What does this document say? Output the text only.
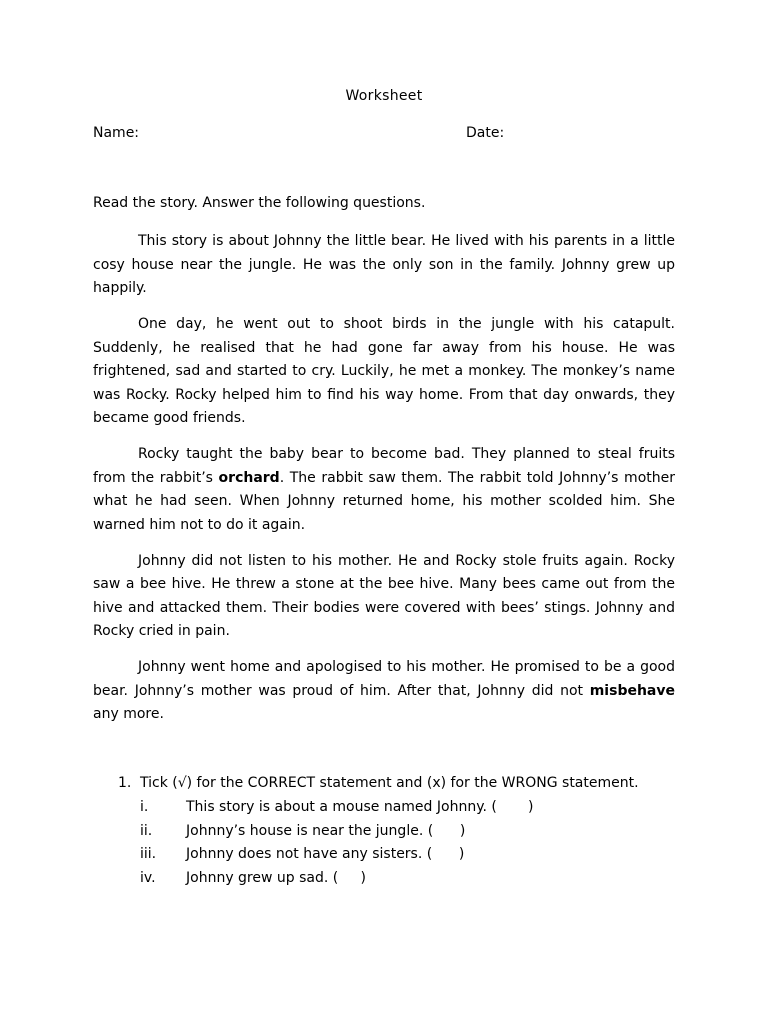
Worksheet
Name:	Date:
Read the story. Answer the following questions.

This story is about Johnny the little bear. He lived with his parents in a little cosy house near the jungle. He was the only son in the family. Johnny grew up happily.

One day, he went out to shoot birds in the jungle with his catapult. Suddenly, he realised that he had gone far away from his house. He was frightened, sad and started to cry. Luckily, he met a monkey. The monkey’s name was Rocky. Rocky helped him to find his way home. From that day onwards, they became good friends.

Rocky taught the baby bear to become bad. They planned to steal fruits from the rabbit’s orchard. The rabbit saw them. The rabbit told Johnny’s mother what he had seen. When Johnny returned home, his mother scolded him. She warned him not to do it again.

Johnny did not listen to his mother. He and Rocky stole fruits again. Rocky saw a bee hive. He threw a stone at the bee hive. Many bees came out from the hive and attacked them. Their bodies were covered with bees’ stings. Johnny and Rocky cried in pain.

Johnny went home and apologised to his mother. He promised to be a good bear. Johnny’s mother was proud of him. After that, Johnny did not misbehave any more.

1. Tick (√) for the CORRECT statement and (x) for the WRONG statement.
i.	This story is about a mouse named Johnny. (       )
ii.	Johnny’s house is near the jungle. (      )
iii.	Johnny does not have any sisters. (      )
iv.	Johnny grew up sad. (     )
